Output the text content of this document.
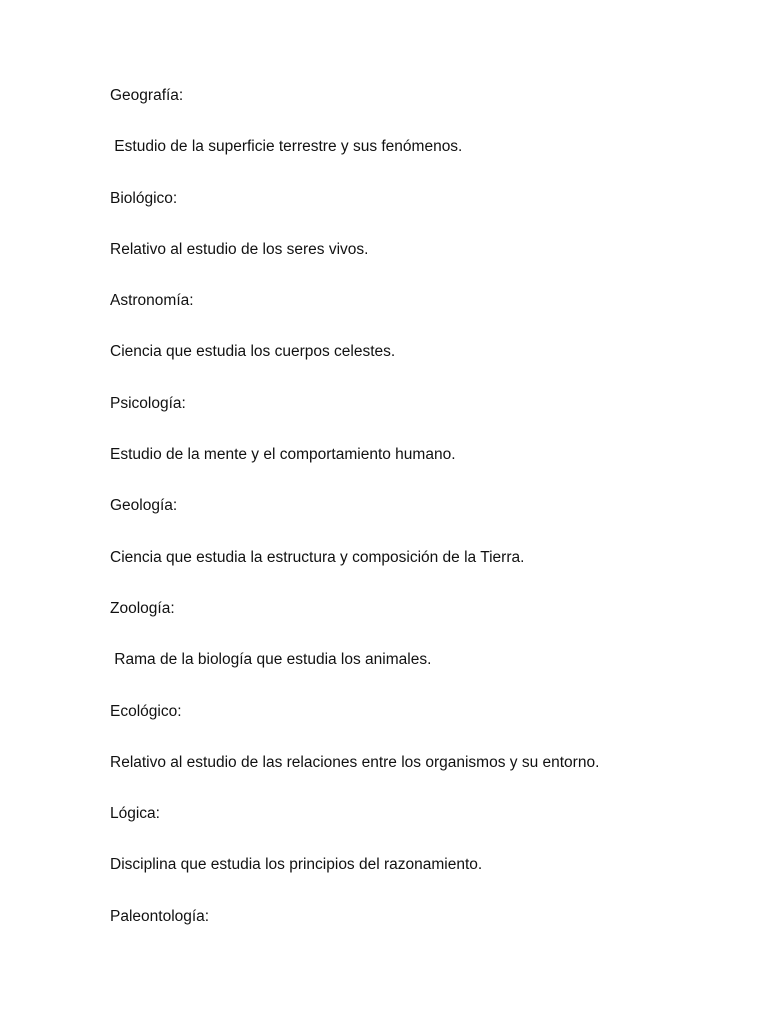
Geografía:
Estudio de la superficie terrestre y sus fenómenos.
Biológico:
Relativo al estudio de los seres vivos.
Astronomía:
Ciencia que estudia los cuerpos celestes.
Psicología:
Estudio de la mente y el comportamiento humano.
Geología:
Ciencia que estudia la estructura y composición de la Tierra.
Zoología:
Rama de la biología que estudia los animales.
Ecológico:
Relativo al estudio de las relaciones entre los organismos y su entorno.
Lógica:
Disciplina que estudia los principios del razonamiento.
Paleontología:
